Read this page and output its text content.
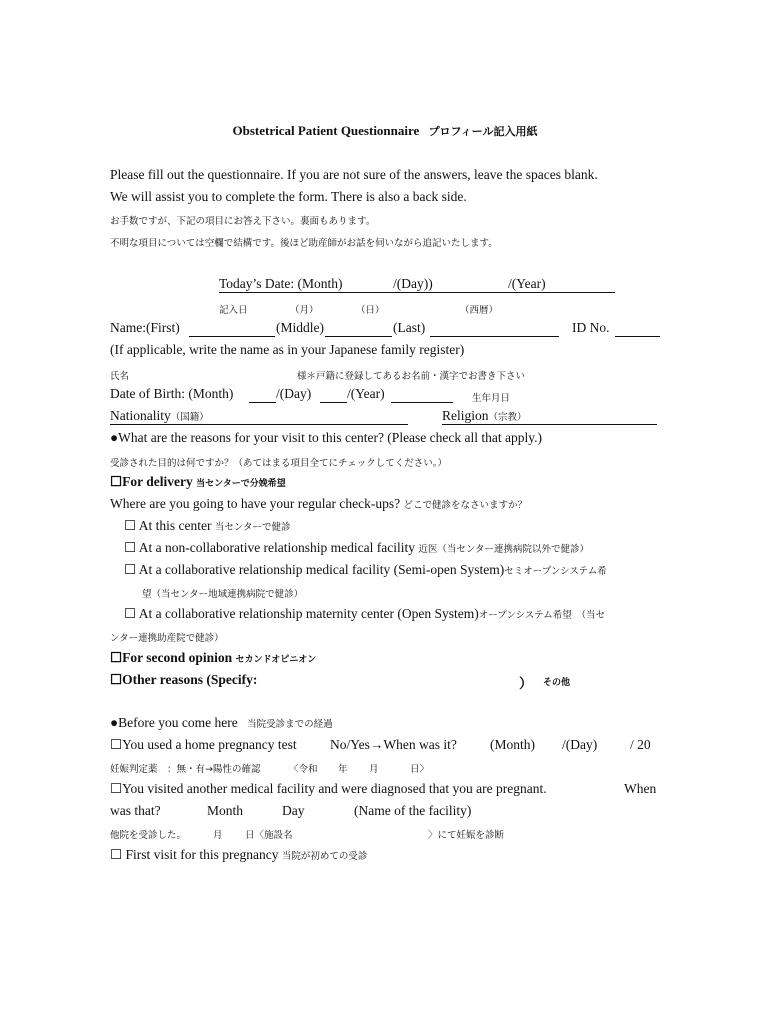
Obstetrical Patient Questionnaire プロフィール記入用紙
Please fill out the questionnaire. If you are not sure of the answers, leave the spaces blank.
We will assist you to complete the form. There is also a back side.
お手数ですが、下記の項目にお答え下さい。裏面もあります。
不明な項目については空欄で結構です。後ほど助産師がお話を伺いながら追記いたします。
Today’s Date: (Month)	/(Day))	/(Year)
記入日	（月）	（日）	（西暦）
Name:(First)	(Middle)	(Last)	ID No.
(If applicable, write the name as in your Japanese family register)
氏名	様＊戸籍に登録してあるお名前・漢字でお書き下さい
Date of Birth: (Month)	/(Day)	/(Year)	生年月日
Nationality（国籍）	Religion（宗教）
●What are the reasons for your visit to this center? (Please check all that apply.)
受診された目的は何ですか？（あてはまる項目全てにチェックしてください。）
☐For delivery 当センターで分娩希望
Where are you going to have your regular check-ups? どこで健診をなさいますか？
☐ At this center 当センターで健診
☐ At a non-collaborative relationship medical facility 近医（当センター連携病院以外で健診）
☐ At a collaborative relationship medical facility (Semi-open System)セミオープンシステム希
望（当センター地域連携病院で健診）
☐ At a collaborative relationship maternity center (Open System)オープンシステム希望　（当セ
ンター連携助産院で健診）
☐For second opinion セカンドオピニオン
☐Other reasons (Specify:	） その他
●Before you come here 当院受診までの経過
☐You used a home pregnancy test No/Yes→When was it? (Month) /(Day) / 20
妊娠判定薬　：無・有→陽性の確認	〈令和 年 月	日〉
☐You visited another medical facility and were diagnosed that you are pregnant.	When
was that?	Month	Day	(Name of the facility)
他院を受診した。	月 日〈施設名	〉にて妊娠を診断
☐ First visit for this pregnancy 当院が初めての受診
